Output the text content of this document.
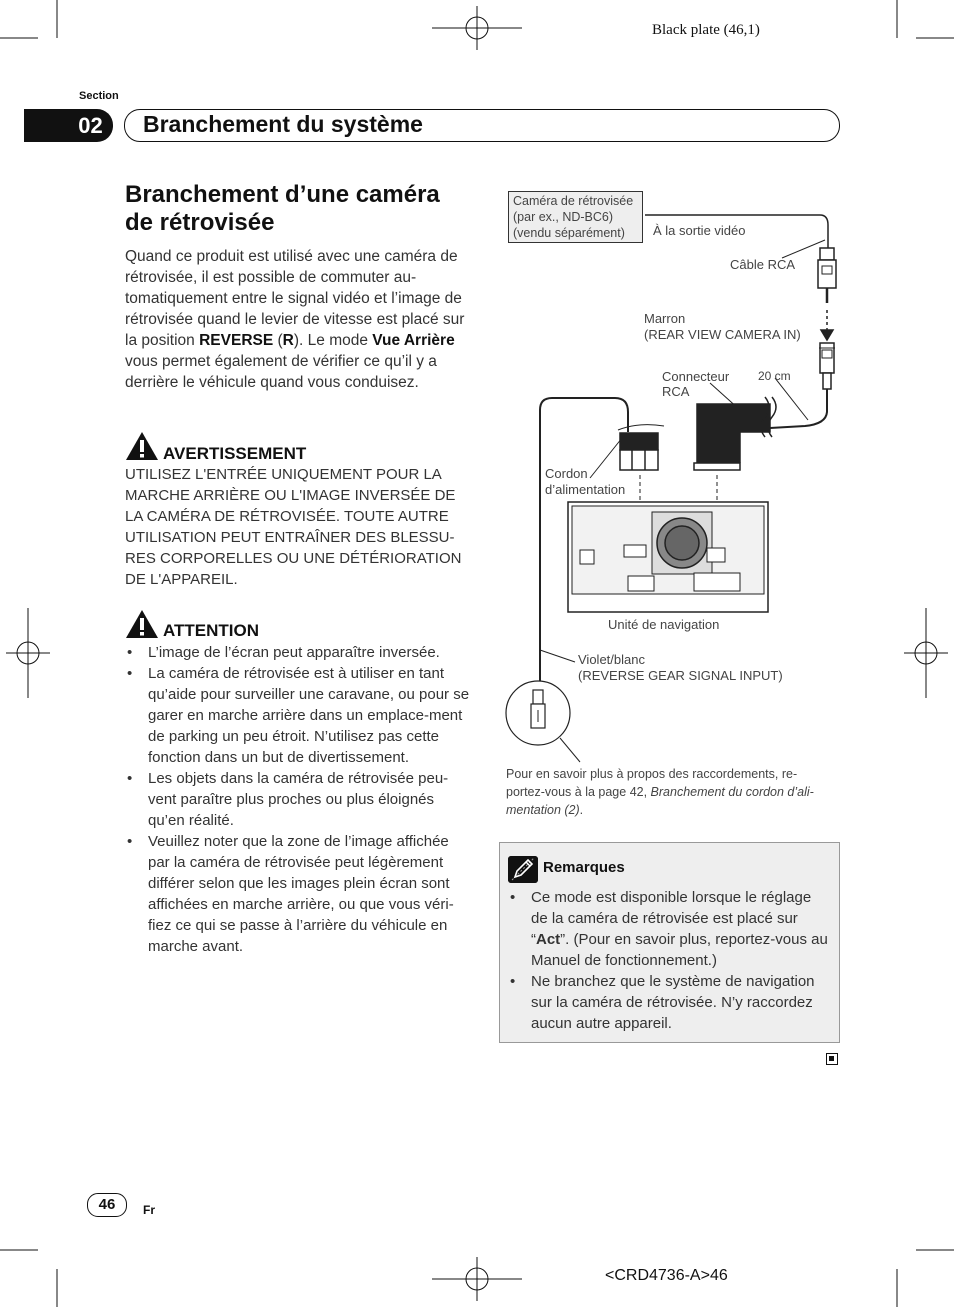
Black plate (46,1)
Section
02	Branchement du système
Branchement d’une caméra
de rétrovisée
Quand ce produit est utilisé avec une caméra de rétrovisée, il est possible de commuter au-tomatiquement entre le signal vidéo et l’image de rétrovisée quand le levier de vitesse est placé sur la position REVERSE (R). Le mode Vue Arrière vous permet également de vérifier ce qu’il y a derrière le véhicule quand vous conduisez.
AVERTISSEMENT
UTILISEZ L'ENTRÉE UNIQUEMENT POUR LA MARCHE ARRIÈRE OU L'IMAGE INVERSÉE DE LA CAMÉRA DE RÉTROVISÉE. TOUTE AUTRE UTILISATION PEUT ENTRAÎNER DES BLESSU-RES CORPORELLES OU UNE DÉTÉRIORATION DE L'APPAREIL.
ATTENTION
• L’image de l’écran peut apparaître inversée.
• La caméra de rétrovisée est à utiliser en tant qu’aide pour surveiller une caravane, ou pour se garer en marche arrière dans un emplace-ment de parking un peu étroit. N’utilisez pas cette fonction dans un but de divertissement.
• Les objets dans la caméra de rétrovisée peu-vent paraître plus proches ou plus éloignés qu’en réalité.
• Veuillez noter que la zone de l’image affichée par la caméra de rétrovisée peut légèrement différer selon que les images plein écran sont affichées en marche arrière, ou que vous véri-fiez ce qui se passe à l’arrière du véhicule en marche avant.
Caméra de rétrovisée
(par ex., ND-BC6)
(vendu séparément)	À la sortie vidéo
Câble RCA
Marron
(REAR VIEW CAMERA IN)
Connecteur
RCA
20 cm
Cordon
d’alimentation
Unité de navigation
Violet/blanc
(REVERSE GEAR SIGNAL INPUT)
Pour en savoir plus à propos des raccordements, re-portez-vous à la page 42, Branchement du cordon d’ali-mentation (2).
Remarques
• Ce mode est disponible lorsque le réglage de la caméra de rétrovisée est placé sur “Act”. (Pour en savoir plus, reportez-vous au Manuel de fonctionnement.)
• Ne branchez que le système de navigation sur la caméra de rétrovisée. N’y raccordez aucun autre appareil.
46	Fr
<CRD4736-A>46
